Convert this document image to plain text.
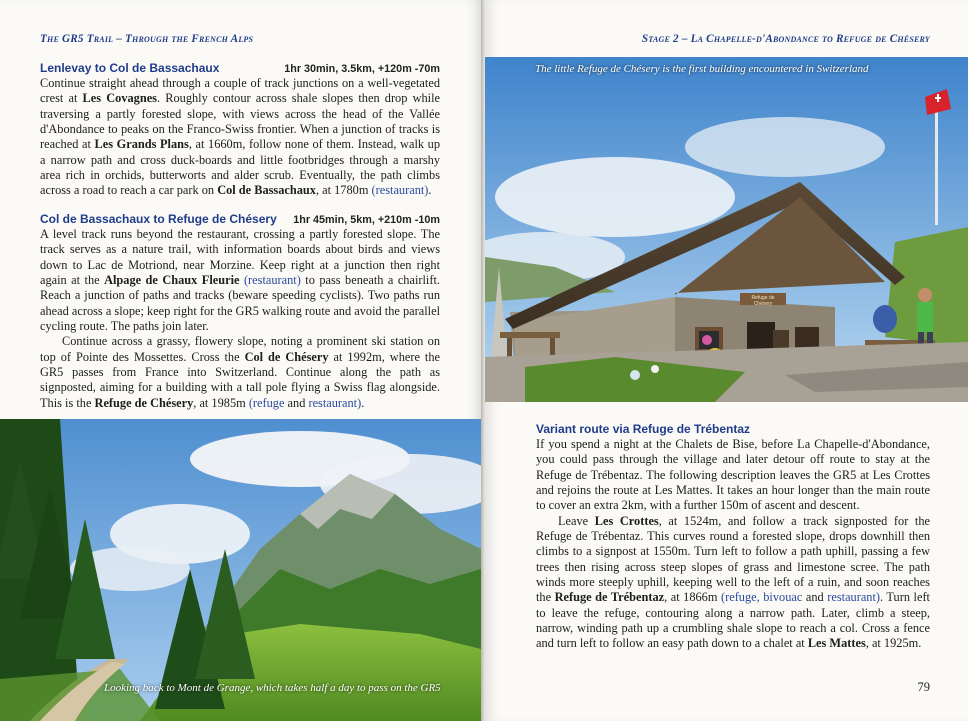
The GR5 Trail – Through the French Alps
Lenlevay to Col de Bassachaux	1hr 30min, 3.5km, +120m -70m

Continue straight ahead through a couple of track junctions on a well-vegetated crest at Les Covagnes. Roughly contour across shale slopes then drop while traversing a partly forested slope, with views across the head of the Vallée d'Abondance to peaks on the Franco-Swiss frontier. When a junction of tracks is reached at Les Grands Plans, at 1660m, follow none of them. Instead, walk up a narrow path and cross duck-boards and little footbridges through a marshy area rich in orchids, butterworts and alder scrub. Eventually, the path climbs across a road to reach a car park on Col de Bassachaux, at 1780m (restaurant).

Col de Bassachaux to Refuge de Chésery 1hr 45min, 5km, +210m -10m

A level track runs beyond the restaurant, crossing a partly forested slope. The track serves as a nature trail, with information boards about birds and views down to Lac de Motriond, near Morzine. Keep right at a junction then right again at the Alpage de Chaux Fleurie (restaurant) to pass beneath a chairlift. Reach a junction of paths and tracks (beware speeding cyclists). Two paths run ahead across a slope; keep right for the GR5 walking route and avoid the parallel cycling route. The paths join later.

Continue across a grassy, flowery slope, noting a prominent ski station on top of Pointe des Mossettes. Cross the Col de Chésery at 1992m, where the GR5 passes from France into Switzerland. Continue along the path as signposted, aiming for a building with a tall pole flying a Swiss flag alongside. This is the Refuge de Chésery, at 1985m (refuge and restaurant).

Looking back to Mont de Grange, which takes half a day to pass on the GR5
Stage 2 – La Chapelle-d'Abondance to Refuge de Chésery
The little Refuge de Chésery is the first building encountered in Switzerland
Refuge de Chésery
Variant route via Refuge de Trébentaz

If you spend a night at the Chalets de Bise, before La Chapelle-d'Abondance, you could pass through the village and later detour off route to stay at the Refuge de Trébentaz. The following description leaves the GR5 at Les Crottes and rejoins the route at Les Mattes. It takes an hour longer than the main route to cover an extra 2km, with a further 150m of ascent and descent.

Leave Les Crottes, at 1524m, and follow a track signposted for the Refuge de Trébentaz. This curves round a forested slope, drops downhill then climbs to a signpost at 1550m. Turn left to follow a path uphill, passing a few trees then rising across steep slopes of grass and limestone scree. The path winds more steeply uphill, keeping well to the left of a ruin, and soon reaches the Refuge de Trébentaz, at 1866m (refuge, bivouac and restaurant). Turn left to leave the refuge, contouring along a narrow path. Later, climb a steep, narrow, winding path up a crumbling shale slope to reach a col. Cross a fence and turn left to follow an easy path down to a chalet at Les Mattes, at 1925m.

79
